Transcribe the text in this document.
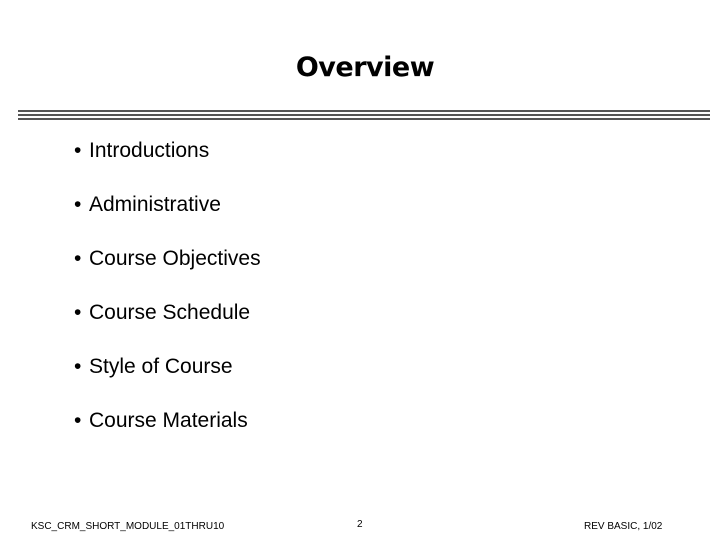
Overview
• Introductions
• Administrative
• Course Objectives
• Course Schedule
• Style of Course
• Course Materials
KSC_CRM_SHORT_MODULE_01THRU10	2	REV BASIC, 1/02
